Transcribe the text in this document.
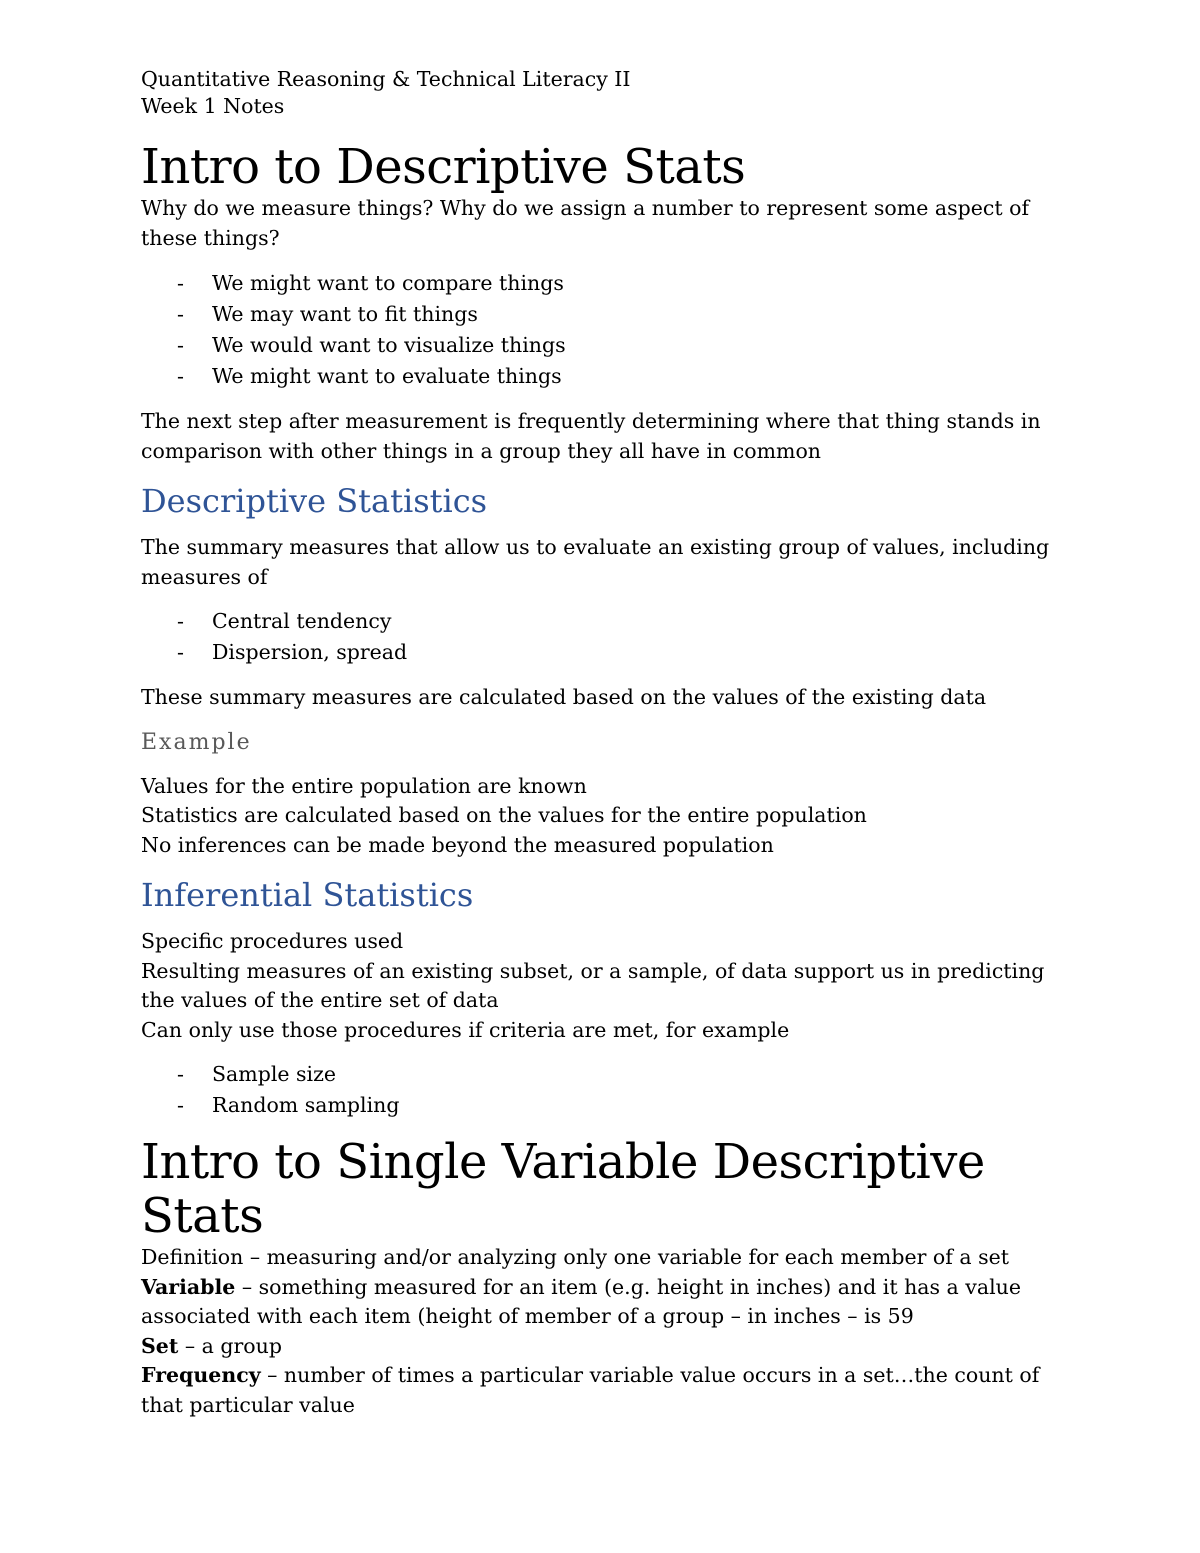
Quantitative Reasoning & Technical Literacy II

Week 1 Notes

Intro to Descriptive Stats

Why do we measure things? Why do we assign a number to represent some aspect of these things?

- We might want to compare things
- We may want to fit things
- We would want to visualize things
- We might want to evaluate things

The next step after measurement is frequently determining where that thing stands in comparison with other things in a group they all have in common

Descriptive Statistics

The summary measures that allow us to evaluate an existing group of values, including measures of

- Central tendency
- Dispersion, spread

These summary measures are calculated based on the values of the existing data

Example

Values for the entire population are known

Statistics are calculated based on the values for the entire population

No inferences can be made beyond the measured population

Inferential Statistics

Specific procedures used

Resulting measures of an existing subset, or a sample, of data support us in predicting the values of the entire set of data

Can only use those procedures if criteria are met, for example

- Sample size
- Random sampling
Intro to Single Variable Descriptive Stats

Definition – measuring and/or analyzing only one variable for each member of a set

Variable – something measured for an item (e.g. height in inches) and it has a value associated with each item (height of member of a group – in inches – is 59

Set – a group

Frequency – number of times a particular variable value occurs in a set…the count of that particular value
